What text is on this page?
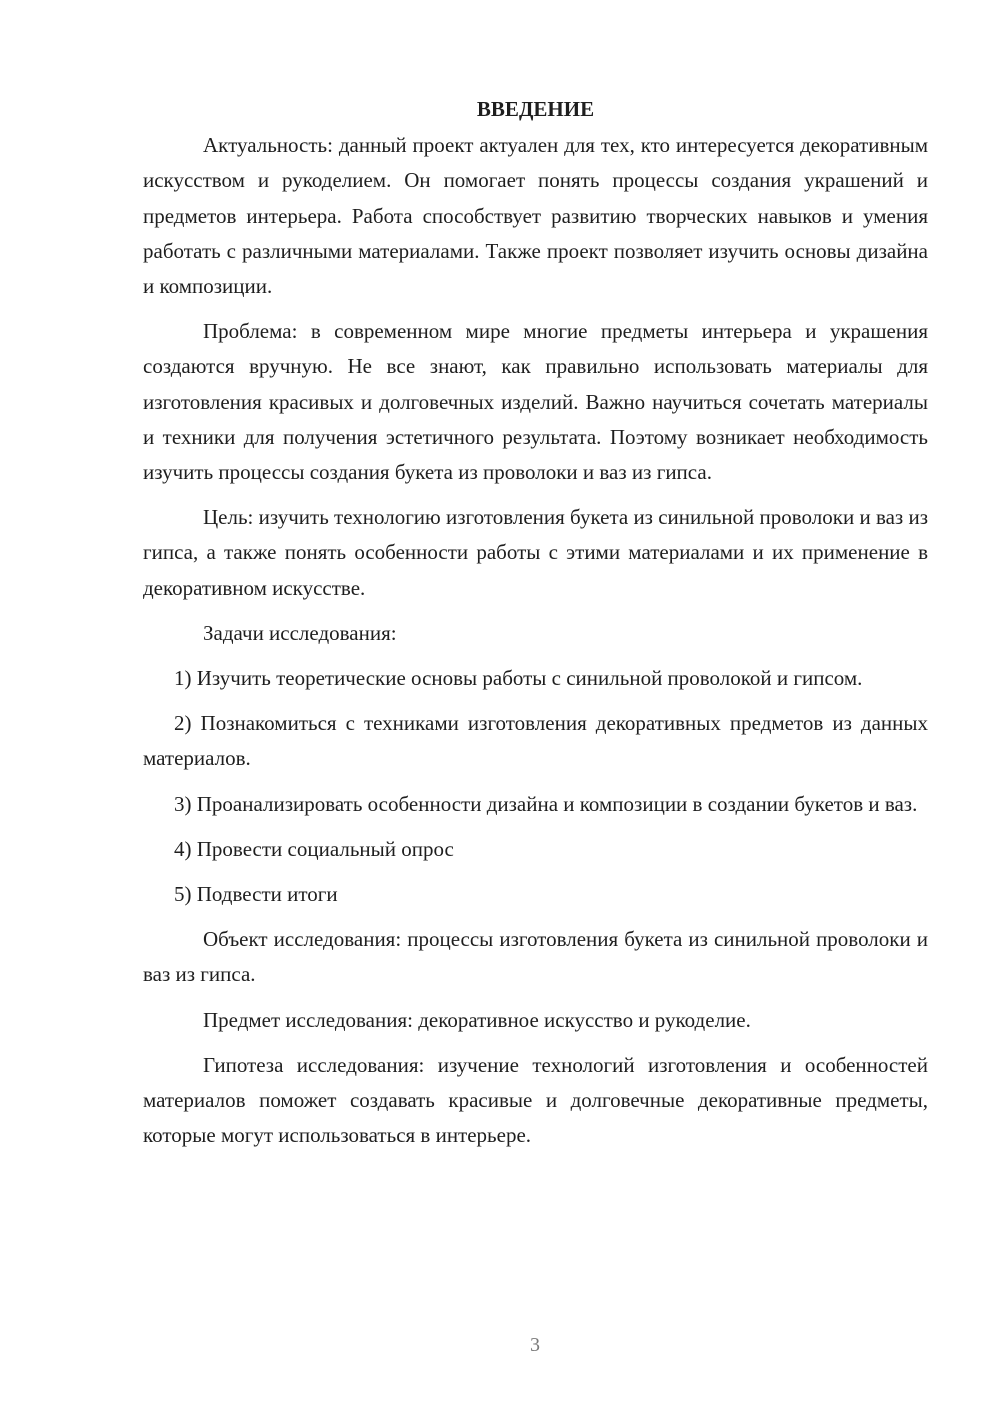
ВВЕДЕНИЕ

Актуальность: данный проект актуален для тех, кто интересуется декоративным искусством и рукоделием. Он помогает понять процессы создания украшений и предметов интерьера. Работа способствует развитию творческих навыков и умения работать с различными материалами. Также проект позволяет изучить основы дизайна и композиции.

Проблема: в современном мире многие предметы интерьера и украшения создаются вручную. Не все знают, как правильно использовать материалы для изготовления красивых и долговечных изделий. Важно научиться сочетать материалы и техники для получения эстетичного результата. Поэтому возникает необходимость изучить процессы создания букета из проволоки и ваз из гипса.

Цель: изучить технологию изготовления букета из синильной проволоки и ваз из гипса, а также понять особенности работы с этими материалами и их применение в декоративном искусстве.

Задачи исследования:

1) Изучить теоретические основы работы с синильной проволокой и гипсом.

2) Познакомиться с техниками изготовления декоративных предметов из данных материалов.

3) Проанализировать особенности дизайна и композиции в создании букетов и ваз.

4) Провести социальный опрос

5) Подвести итоги

Объект исследования: процессы изготовления букета из синильной проволоки и ваз из гипса.

Предмет исследования: декоративное искусство и рукоделие.

Гипотеза исследования: изучение технологий изготовления и особенностей материалов поможет создавать красивые и долговечные декоративные предметы, которые могут использоваться в интерьере.

3
